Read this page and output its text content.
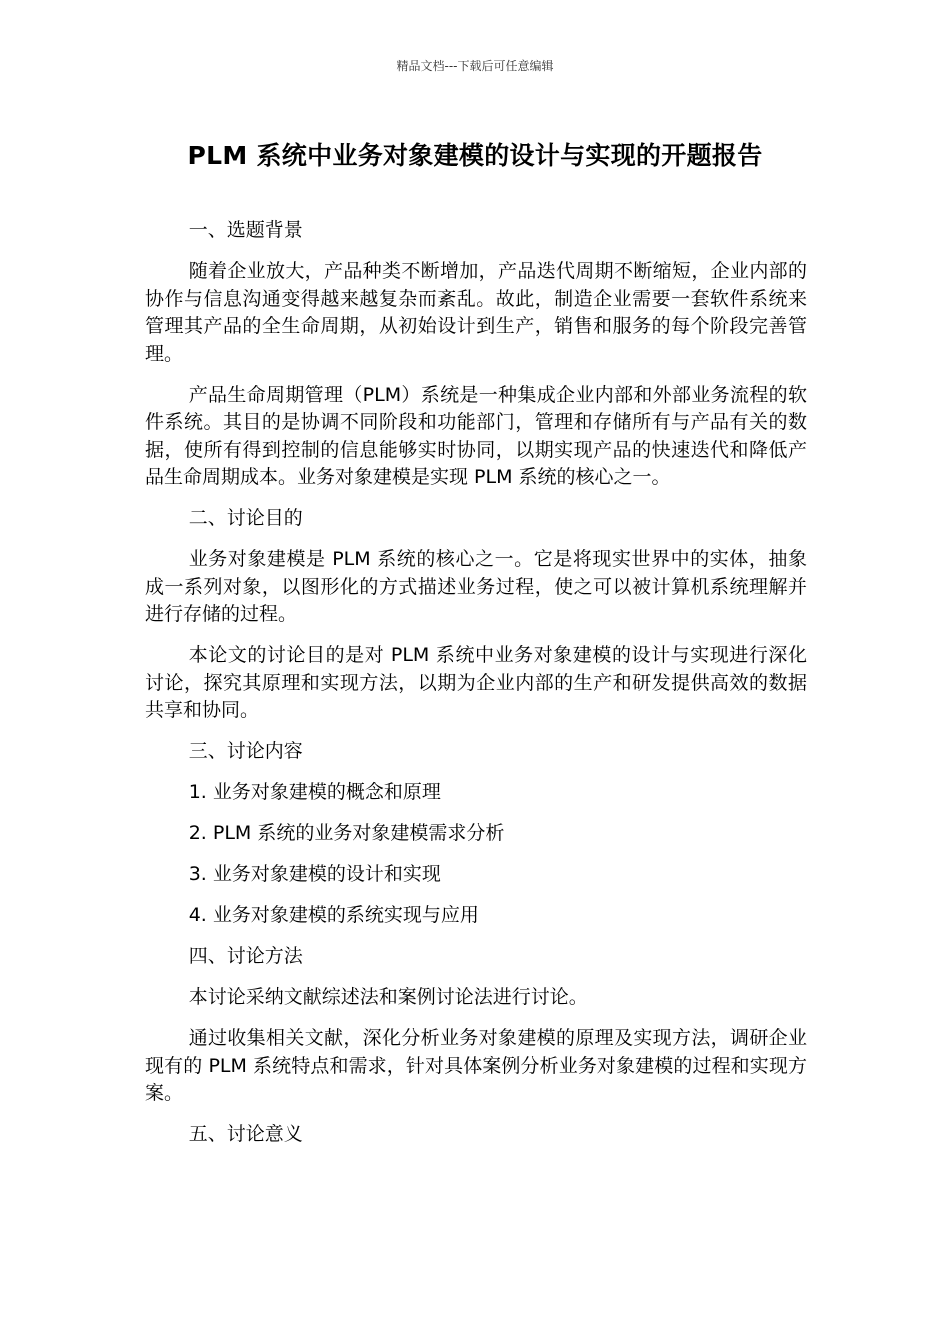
精品文档---下载后可任意编辑
PLM 系统中业务对象建模的设计与实现的开题报告

一、选题背景

随着企业放大，产品种类不断增加，产品迭代周期不断缩短，企业内部的协作与信息沟通变得越来越复杂而紊乱。故此，制造企业需要一套软件系统来管理其产品的全生命周期，从初始设计到生产，销售和服务的每个阶段完善管理。

产品生命周期管理（PLM）系统是一种集成企业内部和外部业务流程的软件系统。其目的是协调不同阶段和功能部门，管理和存储所有与产品有关的数据，使所有得到控制的信息能够实时协同，以期实现产品的快速迭代和降低产品生命周期成本。业务对象建模是实现 PLM 系统的核心之一。

二、讨论目的

业务对象建模是 PLM 系统的核心之一。它是将现实世界中的实体，抽象成一系列对象，以图形化的方式描述业务过程，使之可以被计算机系统理解并进行存储的过程。

本论文的讨论目的是对 PLM 系统中业务对象建模的设计与实现进行深化讨论，探究其原理和实现方法，以期为企业内部的生产和研发提供高效的数据共享和协同。

三、讨论内容

1. 业务对象建模的概念和原理

2. PLM 系统的业务对象建模需求分析

3. 业务对象建模的设计和实现

4. 业务对象建模的系统实现与应用

四、讨论方法

本讨论采纳文献综述法和案例讨论法进行讨论。

通过收集相关文献，深化分析业务对象建模的原理及实现方法，调研企业现有的 PLM 系统特点和需求，针对具体案例分析业务对象建模的过程和实现方案。

五、讨论意义
